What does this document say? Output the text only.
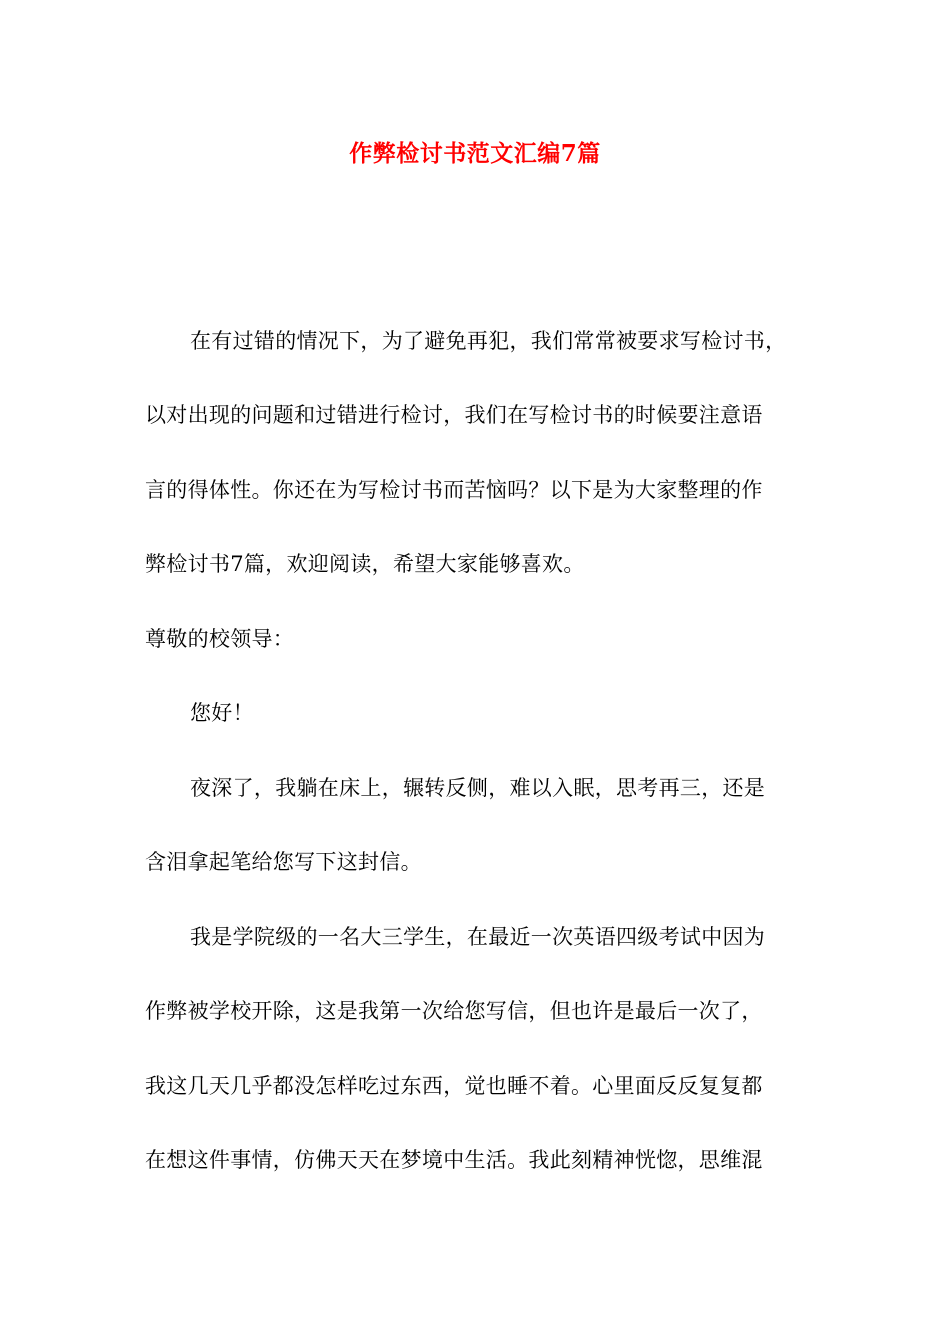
作弊检讨书范文汇编7篇
在有过错的情况下，为了避免再犯，我们常常被要求写检讨书，
以对出现的问题和过错进行检讨，我们在写检讨书的时候要注意语
言的得体性。你还在为写检讨书而苦恼吗？以下是为大家整理的作
弊检讨书7篇，欢迎阅读，希望大家能够喜欢。
尊敬的校领导：
您好！
夜深了，我躺在床上，辗转反侧，难以入眠，思考再三，还是
含泪拿起笔给您写下这封信。
我是学院级的一名大三学生，在最近一次英语四级考试中因为
作弊被学校开除，这是我第一次给您写信，但也许是最后一次了，
我这几天几乎都没怎样吃过东西，觉也睡不着。心里面反反复复都
在想这件事情，仿佛天天在梦境中生活。我此刻精神恍惚，思维混
